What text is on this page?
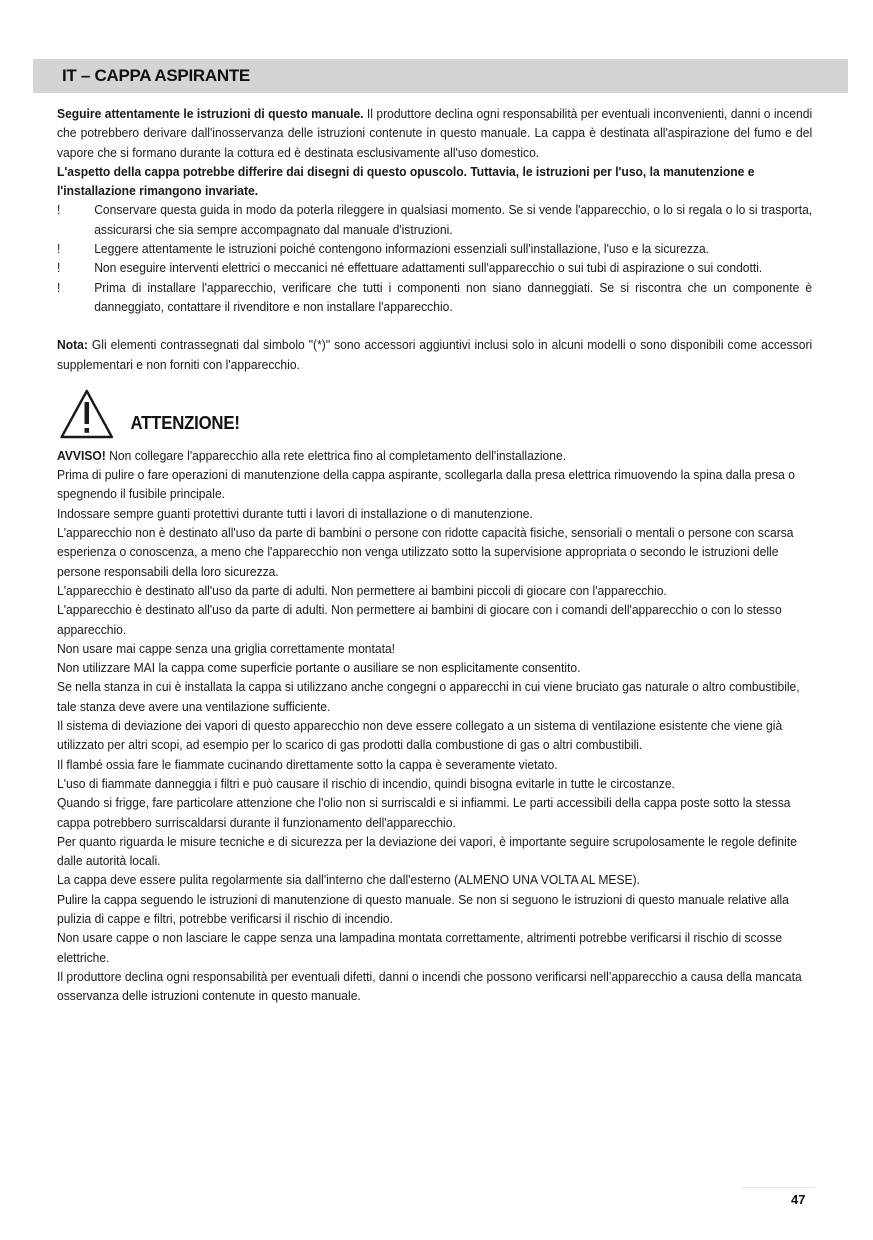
IT – CAPPA ASPIRANTE

Seguire attentamente le istruzioni di questo manuale. Il produttore declina ogni responsabilità per eventuali inconvenienti, danni o incendi che potrebbero derivare dall'inosservanza delle istruzioni contenute in questo manuale. La cappa è destinata all'aspirazione del fumo e del vapore che si formano durante la cottura ed è destinata esclusivamente all'uso domestico.

L'aspetto della cappa potrebbe differire dai disegni di questo opuscolo. Tuttavia, le istruzioni per l'uso, la manutenzione e l'installazione rimangono invariate.

!	Conservare questa guida in modo da poterla rileggere in qualsiasi momento. Se si vende l'apparecchio, o lo si regala o lo si trasporta, assicurarsi che sia sempre accompagnato dal manuale d'istruzioni.
!	Leggere attentamente le istruzioni poiché contengono informazioni essenziali sull'installazione, l'uso e la sicurezza.
!	Non eseguire interventi elettrici o meccanici né effettuare adattamenti sull'apparecchio o sui tubi di aspirazione o sui condotti.
!	Prima di installare l'apparecchio, verificare che tutti i componenti non siano danneggiati. Se si riscontra che un componente è danneggiato, contattare il rivenditore e non installare l'apparecchio.

Nota: Gli elementi contrassegnati dal simbolo "(*)" sono accessori aggiuntivi inclusi solo in alcuni modelli o sono disponibili come accessori supplementari e non forniti con l'apparecchio.

ATTENZIONE!

AVVISO! Non collegare l'apparecchio alla rete elettrica fino al completamento dell'installazione.

Prima di pulire o fare operazioni di manutenzione della cappa aspirante, scollegarla dalla presa elettrica rimuovendo la spina dalla presa o spegnendo il fusibile principale.

Indossare sempre guanti protettivi durante tutti i lavori di installazione o di manutenzione.

L'apparecchio non è destinato all'uso da parte di bambini o persone con ridotte capacità fisiche, sensoriali o mentali o persone con scarsa esperienza o conoscenza, a meno che l'apparecchio non venga utilizzato sotto la supervisione appropriata o secondo le istruzioni delle persone responsabili della loro sicurezza.

L'apparecchio è destinato all'uso da parte di adulti. Non permettere ai bambini piccoli di giocare con l'apparecchio.

L'apparecchio è destinato all'uso da parte di adulti. Non permettere ai bambini di giocare con i comandi dell'apparecchio o con lo stesso apparecchio.

Non usare mai cappe senza una griglia correttamente montata!

Non utilizzare MAI la cappa come superficie portante o ausiliare se non esplicitamente consentito.

Se nella stanza in cui è installata la cappa si utilizzano anche congegni o apparecchi in cui viene bruciato gas naturale o altro combustibile, tale stanza deve avere una ventilazione sufficiente.

Il sistema di deviazione dei vapori di questo apparecchio non deve essere collegato a un sistema di ventilazione esistente che viene già utilizzato per altri scopi, ad esempio per lo scarico di gas prodotti dalla combustione di gas o altri combustibili.

Il flambé ossia fare le fiammate cucinando direttamente sotto la cappa è severamente vietato.

L'uso di fiammate danneggia i filtri e può causare il rischio di incendio, quindi bisogna evitarle in tutte le circostanze.

Quando si frigge, fare particolare attenzione che l'olio non si surriscaldi e si infiammi. Le parti accessibili della cappa poste sotto la stessa cappa potrebbero surriscaldarsi durante il funzionamento dell'apparecchio.

Per quanto riguarda le misure tecniche e di sicurezza per la deviazione dei vapori, è importante seguire scrupolosamente le regole definite dalle autorità locali.

La cappa deve essere pulita regolarmente sia dall'interno che dall'esterno (ALMENO UNA VOLTA AL MESE).

Pulire la cappa seguendo le istruzioni di manutenzione di questo manuale. Se non si seguono le istruzioni di questo manuale relative alla pulizia di cappe e filtri, potrebbe verificarsi il rischio di incendio.

Non usare cappe o non lasciare le cappe senza una lampadina montata correttamente, altrimenti potrebbe verificarsi il rischio di scosse elettriche.

Il produttore declina ogni responsabilità per eventuali difetti, danni o incendi che possono verificarsi nell’apparecchio a causa della mancata osservanza delle istruzioni contenute in questo manuale.

47
